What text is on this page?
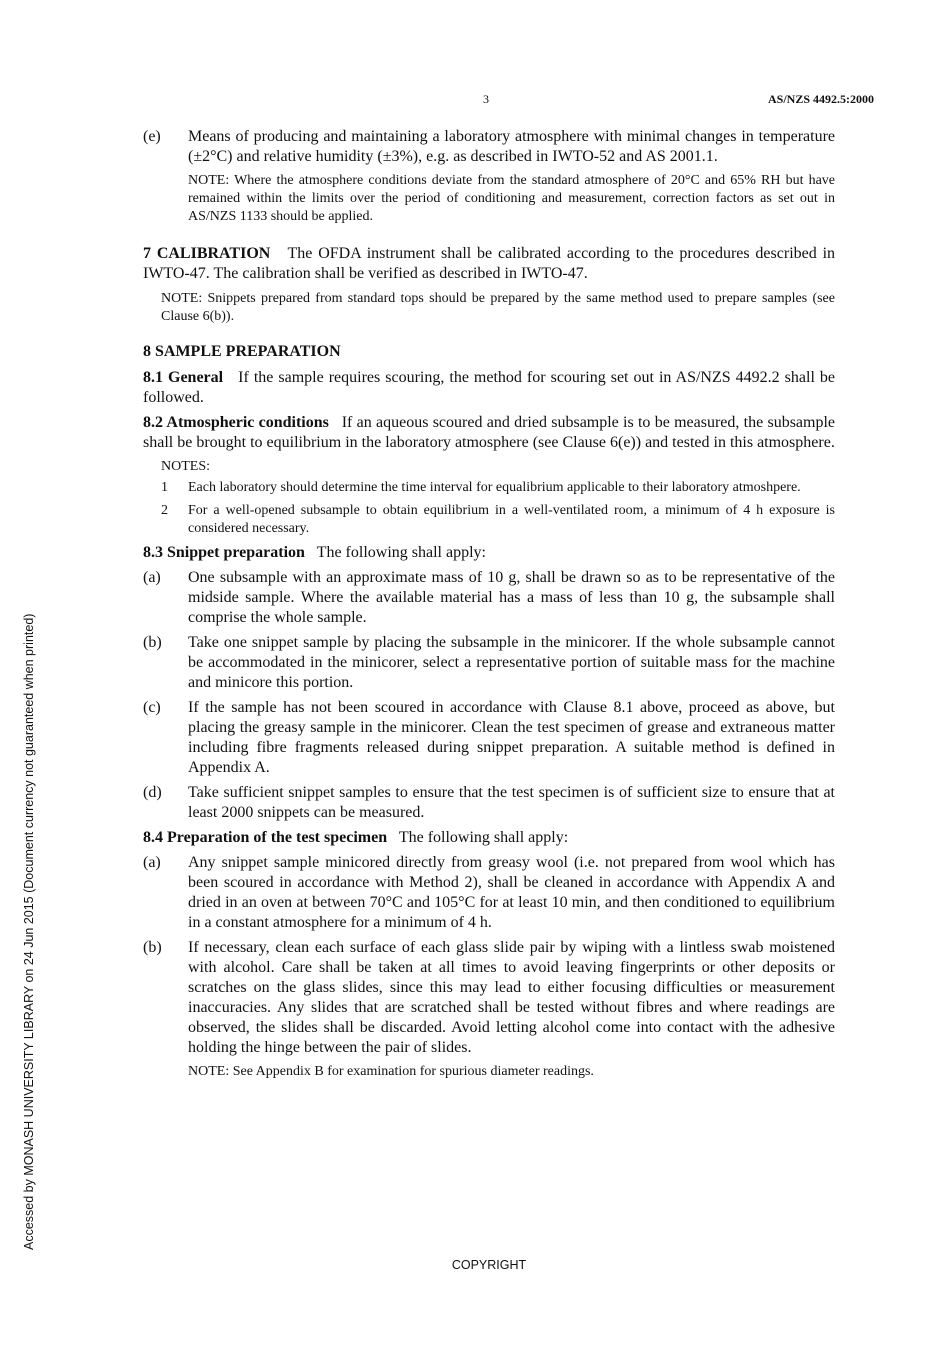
3	AS/NZS 4492.5:2000
Accessed by MONASH UNIVERSITY LIBRARY on 24 Jun 2015 (Document currency not guaranteed when printed)
(e)	Means of producing and maintaining a laboratory atmosphere with minimal changes in temperature (±2°C) and relative humidity (±3%), e.g. as described in IWTO-52 and AS 2001.1.

NOTE: Where the atmosphere conditions deviate from the standard atmosphere of 20°C and 65% RH but have remained within the limits over the period of conditioning and measurement, correction factors as set out in AS/NZS 1133 should be applied.

7 CALIBRATION The OFDA instrument shall be calibrated according to the procedures described in IWTO-47. The calibration shall be verified as described in IWTO-47.

NOTE: Snippets prepared from standard tops should be prepared by the same method used to prepare samples (see Clause 6(b)).

8 SAMPLE PREPARATION

8.1 General If the sample requires scouring, the method for scouring set out in AS/NZS 4492.2 shall be followed.

8.2 Atmospheric conditions If an aqueous scoured and dried subsample is to be measured, the subsample shall be brought to equilibrium in the laboratory atmosphere (see Clause 6(e)) and tested in this atmosphere.

NOTES:
1	Each laboratory should determine the time interval for equalibrium applicable to their laboratory atmoshpere.
2	For a well-opened subsample to obtain equilibrium in a well-ventilated room, a minimum of 4 h exposure is considered necessary.

8.3 Snippet preparation The following shall apply:

(a)	One subsample with an approximate mass of 10 g, shall be drawn so as to be representative of the midside sample. Where the available material has a mass of less than 10 g, the subsample shall comprise the whole sample.
(b)	Take one snippet sample by placing the subsample in the minicorer. If the whole subsample cannot be accommodated in the minicorer, select a representative portion of suitable mass for the machine and minicore this portion.
(c)	If the sample has not been scoured in accordance with Clause 8.1 above, proceed as above, but placing the greasy sample in the minicorer. Clean the test specimen of grease and extraneous matter including fibre fragments released during snippet preparation. A suitable method is defined in Appendix A.
(d)	Take sufficient snippet samples to ensure that the test specimen is of sufficient size to ensure that at least 2000 snippets can be measured.

8.4 Preparation of the test specimen The following shall apply:

(a)	Any snippet sample minicored directly from greasy wool (i.e. not prepared from wool which has been scoured in accordance with Method 2), shall be cleaned in accordance with Appendix A and dried in an oven at between 70°C and 105°C for at least 10 min, and then conditioned to equilibrium in a constant atmosphere for a minimum of 4 h.
(b)	If necessary, clean each surface of each glass slide pair by wiping with a lintless swab moistened with alcohol. Care shall be taken at all times to avoid leaving fingerprints or other deposits or scratches on the glass slides, since this may lead to either focusing difficulties or measurement inaccuracies. Any slides that are scratched shall be tested without fibres and where readings are observed, the slides shall be discarded. Avoid letting alcohol come into contact with the adhesive holding the hinge between the pair of slides.

NOTE: See Appendix B for examination for spurious diameter readings.

COPYRIGHT
